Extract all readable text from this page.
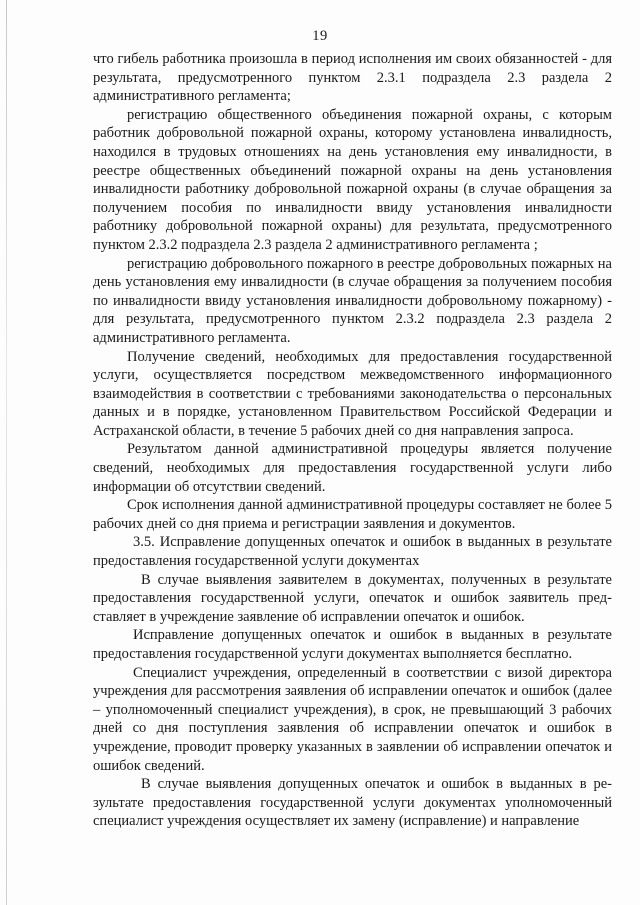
19

что гибель работника произошла в период исполнения им своих обязанностей - для результата, предусмотренного пунктом 2.3.1 подраздела 2.3 раздела 2 административного регламента;

регистрацию общественного объединения пожарной охраны, с которым работник добровольной пожарной охраны, которому установлена инвалидность, находился в трудовых отношениях на день установления ему инвалидности, в реестре общественных объединений пожарной охраны на день установления инвалидности работнику добровольной пожарной охраны (в случае обращения за получением пособия по инвалидности ввиду установления инвалидности работнику добровольной пожарной охраны) для результата, предусмотренного пунктом 2.3.2 подраздела 2.3 раздела 2 административного регламента ;

регистрацию добровольного пожарного в реестре добровольных пожарных на день установления ему инвалидности (в случае обращения за получением пособия по инвалидности ввиду установления инвалидности добровольному пожарному) - для результата, предусмотренного пунктом 2.3.2 подраздела 2.3 раздела 2 административного регламента.

Получение сведений, необходимых для предоставления государственной услуги, осуществляется посредством межведомственного информационного взаимодействия в соответствии с требованиями законодательства о персональных данных и в порядке, установленном Правительством Российской Федерации и Астраханской области, в течение 5 рабочих дней со дня направления запроса.

Результатом данной административной процедуры является получение сведений, необходимых для предоставления государственной услуги либо информации об отсутствии сведений.

Срок исполнения данной административной процедуры составляет не более 5 рабочих дней со дня приема и регистрации заявления и документов.

3.5. Исправление допущенных опечаток и ошибок в выданных в результате предоставления государственной услуги документах

В случае выявления заявителем в документах, полученных в результате предоставления государственной услуги, опечаток и ошибок заявитель представляет в учреждение заявление об исправлении опечаток и ошибок.

Исправление допущенных опечаток и ошибок в выданных в результате предоставления государственной услуги документах выполняется бесплатно.

Специалист учреждения, определенный в соответствии с визой директора учреждения для рассмотрения заявления об исправлении опечаток и ошибок (далее – уполномоченный специалист учреждения), в срок, не превышающий 3 рабочих дней со дня поступления заявления об исправлении опечаток и ошибок в учреждение, проводит проверку указанных в заявлении об исправлении опечаток и ошибок сведений.

В случае выявления допущенных опечаток и ошибок в выданных в результате предоставления государственной услуги документах уполномоченный специалист учреждения осуществляет их замену (исправление) и направление
